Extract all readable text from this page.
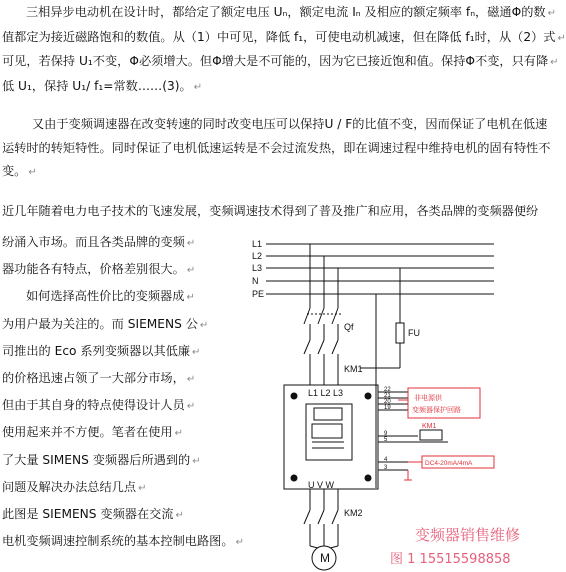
三相异步电动机在设计时，都给定了额定电压 Uₙ，额定电流 Iₙ 及相应的额定频率 fₙ，磁通Φ的数 ↵
值都定为接近磁路饱和的数值。从（1）中可见，降低 f₁，可使电动机减速，但在降低 f₁时，从（2）式 ↵
可见，若保持 U₁不变，Φ必须增大。但Φ增大是不可能的，因为它已接近饱和值。保持Φ不变，只有降 ↵
低 U₁，保持 U₁/ f₁=常数……(3)。 ↵
又由于变频调速器在改变转速的同时改变电压可以保持U / F的比值不变，因而保证了电机在低速
运转时的转矩特性。同时保证了电机低速运转是不会过流发热，即在调速过程中维持电机的固有特性不
变。 ↵
近几年随着电力电子技术的飞速发展，变频调速技术得到了普及推广和应用，各类品牌的变频器便纷
纷涌入市场。而且各类品牌的变频 ↵
器功能各有特点，价格差别很大。 ↵
如何选择高性价比的变频器成 ↵
为用户最为关注的。而 SIEMENS 公 ↵
司推出的 Eco 系列变频器以其低廉 ↵
的价格迅速占领了一大部分市场， ↵
但由于其自身的特点使得设计人员 ↵
使用起来并不方便。笔者在使用 ↵
了大量 SIMENS 变频器后所遇到的 ↵
问题及解决办法总结几点 ↵
此图是 SIEMENS 变频器在交流 ↵
电机变频调速控制系统的基本控制电路图。 ↵
L1
L2
L3
N
PE
Qf
FU
KM1
L1 L2 L3
U V W
KM2
M
22
21
20
19
9
5
4
3
非电源供
变频器保护回路
DC4-20mA/4mA
KM1
变频器销售维修
图 1 15515598858
